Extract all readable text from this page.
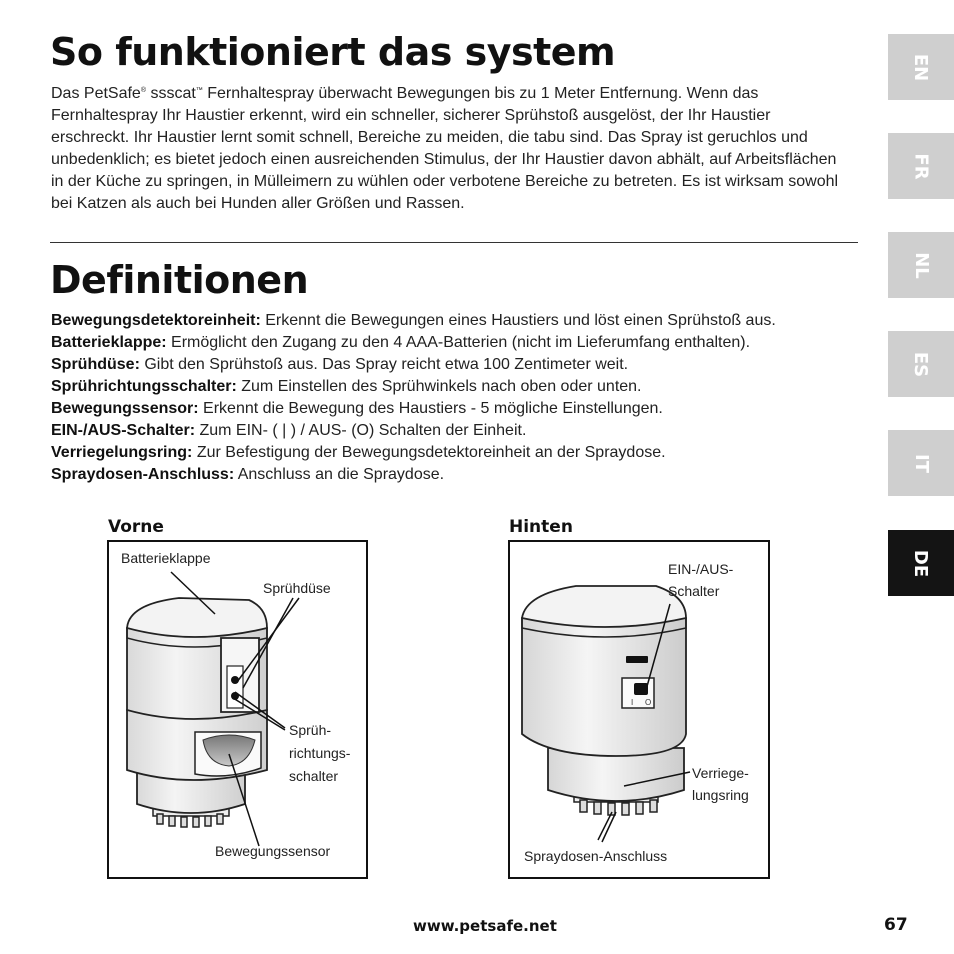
So funktioniert das system

Das PetSafe® ssscat™ Fernhaltespray überwacht Bewegungen bis zu 1 Meter Entfernung. Wenn das Fernhaltespray Ihr Haustier erkennt, wird ein schneller, sicherer Sprühstoß ausgelöst, der Ihr Haustier erschreckt. Ihr Haustier lernt somit schnell, Bereiche zu meiden, die tabu sind. Das Spray ist geruchlos und unbedenklich; es bietet jedoch einen ausreichenden Stimulus, der Ihr Haustier davon abhält, auf Arbeitsflächen in der Küche zu springen, in Mülleimern zu wühlen oder verbotene Bereiche zu betreten. Es ist wirksam sowohl bei Katzen als auch bei Hunden aller Größen und Rassen.

Definitionen

Bewegungsdetektoreinheit: Erkennt die Bewegungen eines Haustiers und löst einen Sprühstoß aus.

Batterieklappe: Ermöglicht den Zugang zu den 4 AAA-Batterien (nicht im Lieferumfang enthalten).

Sprühdüse: Gibt den Sprühstoß aus. Das Spray reicht etwa 100 Zentimeter weit.

Sprührichtungsschalter: Zum Einstellen des Sprühwinkels nach oben oder unten.

Bewegungssensor: Erkennt die Bewegung des Haustiers - 5 mögliche Einstellungen.

EIN-/AUS-Schalter: Zum EIN- ( | ) / AUS- (O) Schalten der Einheit.

Verriegelungsring: Zur Befestigung der Bewegungsdetektoreinheit an der Spraydose.

Spraydosen-Anschluss: Anschluss an die Spraydose.

EN
FR
NL
ES
IT
DE
Vorne
Batterieklappe
Sprühdüse
Sprüh-
richtungs-
schalter
Bewegungssensor
Hinten
I O
EIN-/AUS-
Schalter
Verriege-
lungsring
Spraydosen-Anschluss
www.petsafe.net	67
